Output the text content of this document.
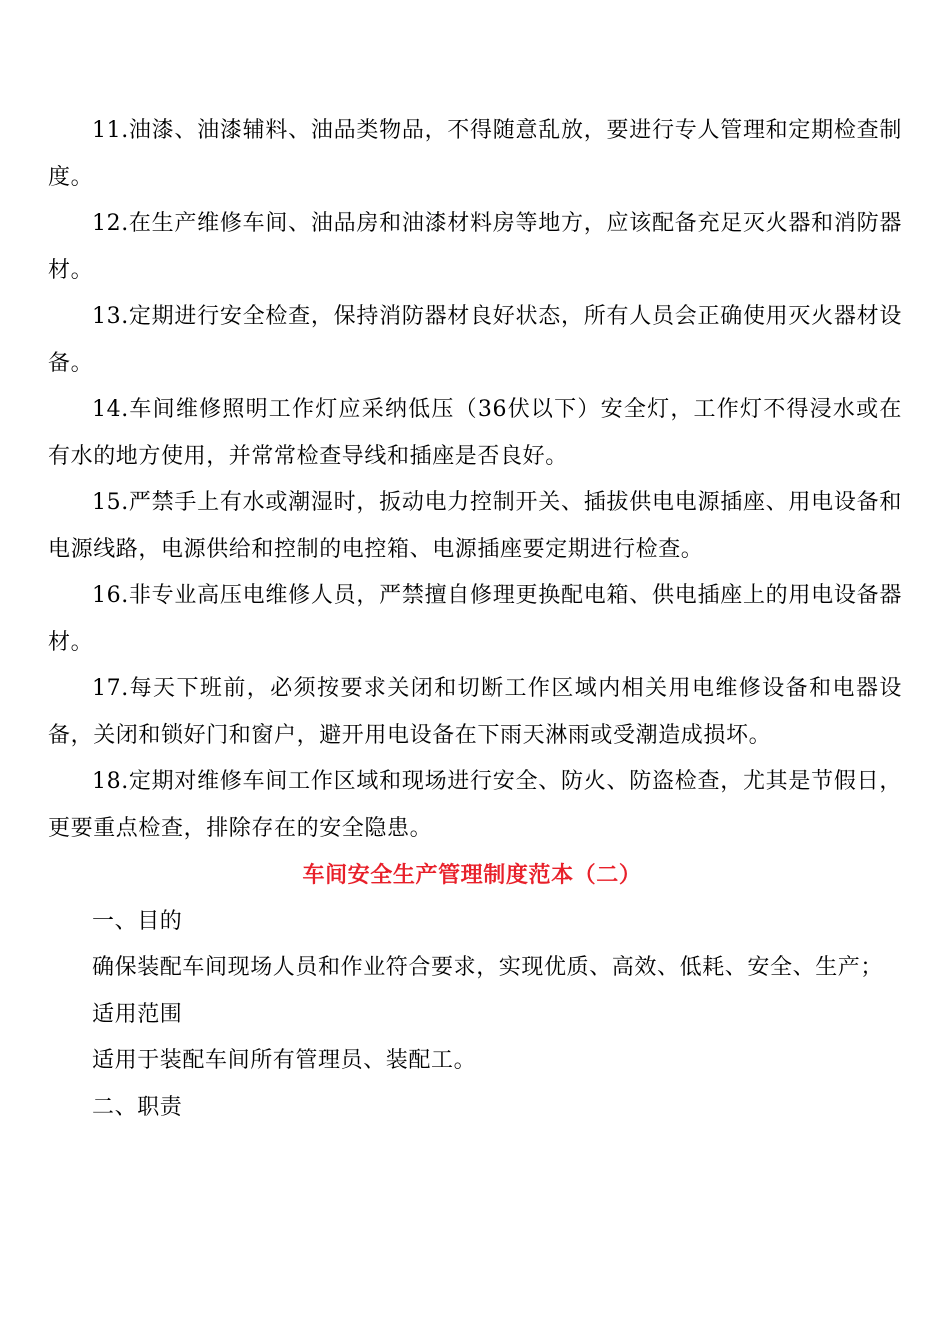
11.油漆、油漆辅料、油品类物品，不得随意乱放，要进行专人管理和定期检查制度。

12.在生产维修车间、油品房和油漆材料房等地方，应该配备充足灭火器和消防器材。

13.定期进行安全检查，保持消防器材良好状态，所有人员会正确使用灭火器材设备。

14.车间维修照明工作灯应采纳低压（36伏以下）安全灯，工作灯不得浸水或在有水的地方使用，并常常检查导线和插座是否良好。

15.严禁手上有水或潮湿时，扳动电力控制开关、插拔供电电源插座、用电设备和电源线路，电源供给和控制的电控箱、电源插座要定期进行检查。

16.非专业高压电维修人员，严禁擅自修理更换配电箱、供电插座上的用电设备器材。

17.每天下班前，必须按要求关闭和切断工作区域内相关用电维修设备和电器设备，关闭和锁好门和窗户，避开用电设备在下雨天淋雨或受潮造成损坏。

18.定期对维修车间工作区域和现场进行安全、防火、防盗检查，尤其是节假日，更要重点检查，排除存在的安全隐患。

车间安全生产管理制度范本（二）

一、目的

确保装配车间现场人员和作业符合要求，实现优质、高效、低耗、安全、生产；

适用范围

适用于装配车间所有管理员、装配工。

二、职责
